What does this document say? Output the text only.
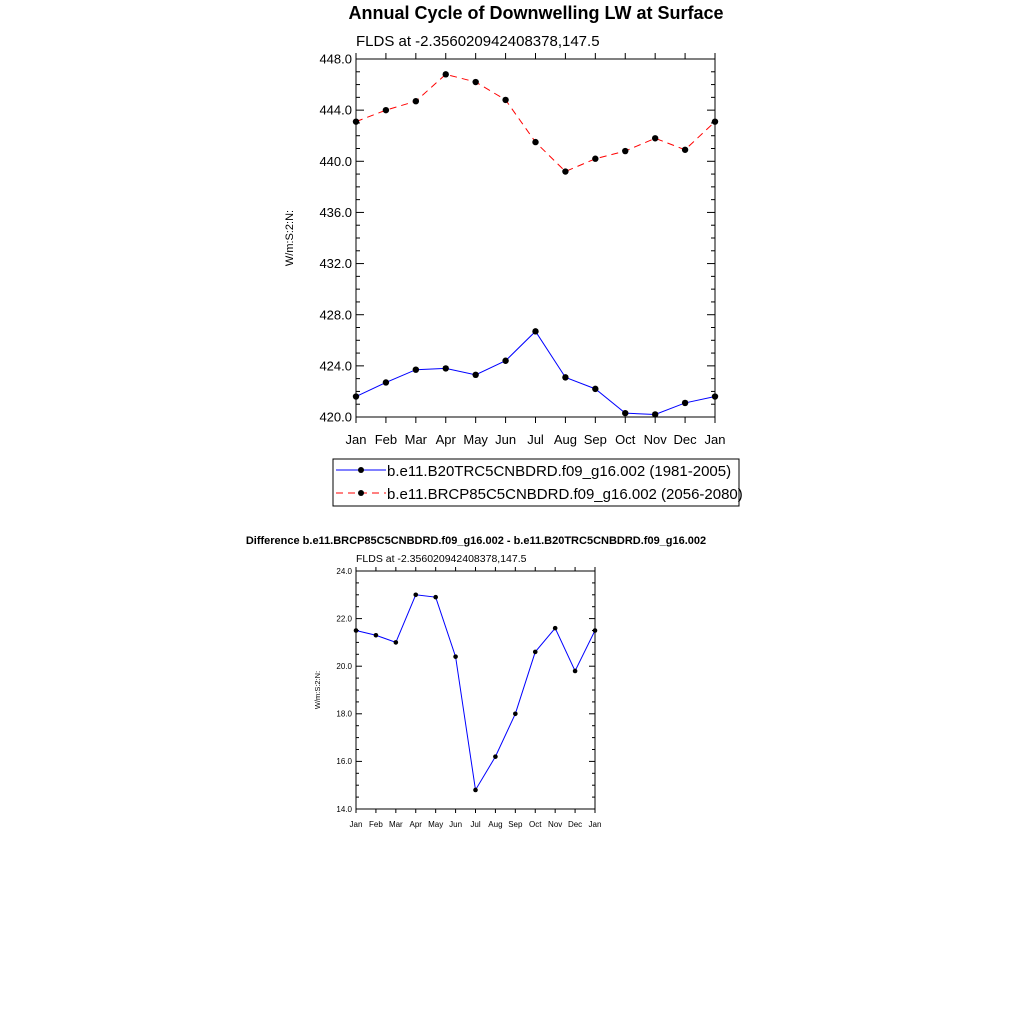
Annual Cycle of Downwelling LW at Surface
FLDS at -2.356020942408378,147.5
W/m:S:2:N:
420.0
424.0
428.0
432.0
436.0
440.0
444.0
448.0
Jan Feb Mar Apr May Jun Jul Aug Sep Oct Nov Dec Jan
b.e11.B20TRC5CNBDRD.f09_g16.002 (1981-2005)
b.e11.BRCP85C5CNBDRD.f09_g16.002 (2056-2080)
Difference b.e11.BRCP85C5CNBDRD.f09_g16.002 - b.e11.B20TRC5CNBDRD.f09_g16.002
FLDS at -2.356020942408378,147.5
W/m:S:2:N:
14.0
16.0
18.0
20.0
22.0
24.0
Jan Feb Mar Apr May Jun Jul Aug Sep Oct Nov Dec Jan
